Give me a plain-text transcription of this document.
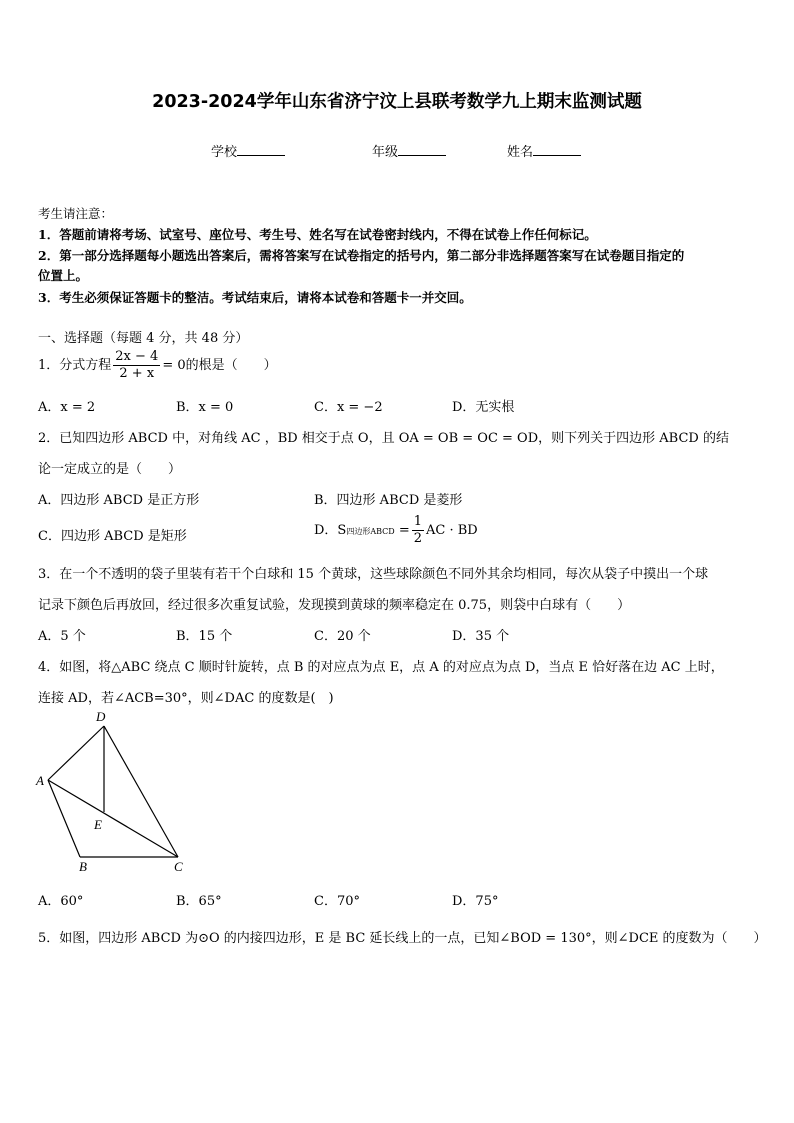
2023-2024学年山东省济宁汶上县联考数学九上期末监测试题
学校	年级	姓名
考生请注意：
1．答题前请将考场、试室号、座位号、考生号、姓名写在试卷密封线内，不得在试卷上作任何标记。
2．第一部分选择题每小题选出答案后，需将答案写在试卷指定的括号内，第二部分非选择题答案写在试卷题目指定的
位置上。
3．考生必须保证答题卡的整洁。考试结束后，请将本试卷和答题卡一并交回。
一、选择题（每题 4 分，共 48 分）
1．分式方程 $\frac{2x - 4}{2 + x} = 0$的根是（　　）
A．x = 2	B．x = 0	C．x = −2	D．无实根
2．已知四边形 ABCD 中，对角线 AC ，BD 相交于点 O，且 OA = OB = OC = OD，则下列关于四边形 ABCD 的结
论一定成立的是（　　）
A．四边形 ABCD 是正方形	B．四边形 ABCD 是菱形
C．四边形 ABCD 是矩形	D．S四边形ABCD = $\frac{1}{2}$ AC · BD
3．在一个不透明的袋子里装有若干个白球和 15 个黄球，这些球除颜色不同外其余均相同，每次从袋子中摸出一个球
记录下颜色后再放回，经过很多次重复试验，发现摸到黄球的频率稳定在 0.75，则袋中白球有（　　）
A．5 个	B．15 个	C．20 个	D．35 个
4．如图，将△ABC 绕点 C 顺时针旋转，点 B 的对应点为点 E，点 A 的对应点为点 D，当点 E 恰好落在边 AC 上时，
连接 AD，若∠ACB=30°，则∠DAC 的度数是(　)
D
A
E
B	C
A．60°	B．65°	C．70°	D．75°
5．如图，四边形 ABCD 为⊙O 的内接四边形，E 是 BC 延长线上的一点，已知∠BOD = 130°，则∠DCE 的度数为（　　）
